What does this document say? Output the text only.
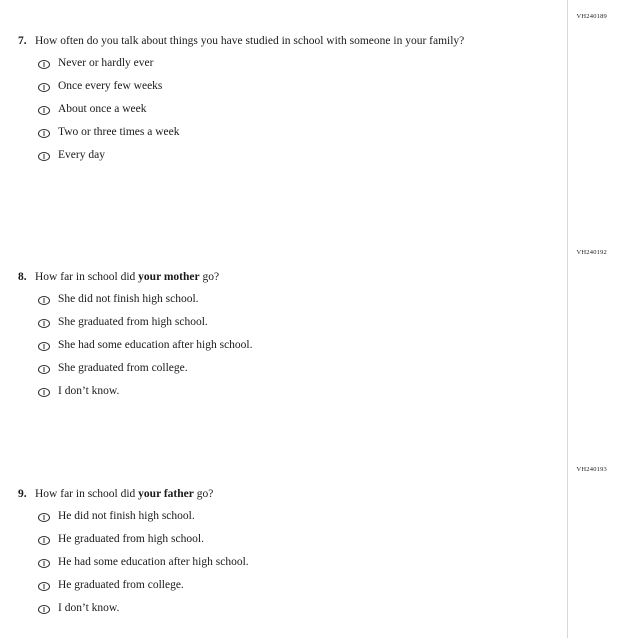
VH240189
7. How often do you talk about things you have studied in school with someone in your family?
Never or hardly ever
Once every few weeks
About once a week
Two or three times a week
Every day
VH240192
8. How far in school did your mother go?
She did not finish high school.
She graduated from high school.
She had some education after high school.
She graduated from college.
I don’t know.
VH240193
9. How far in school did your father go?
He did not finish high school.
He graduated from high school.
He had some education after high school.
He graduated from college.
I don’t know.
